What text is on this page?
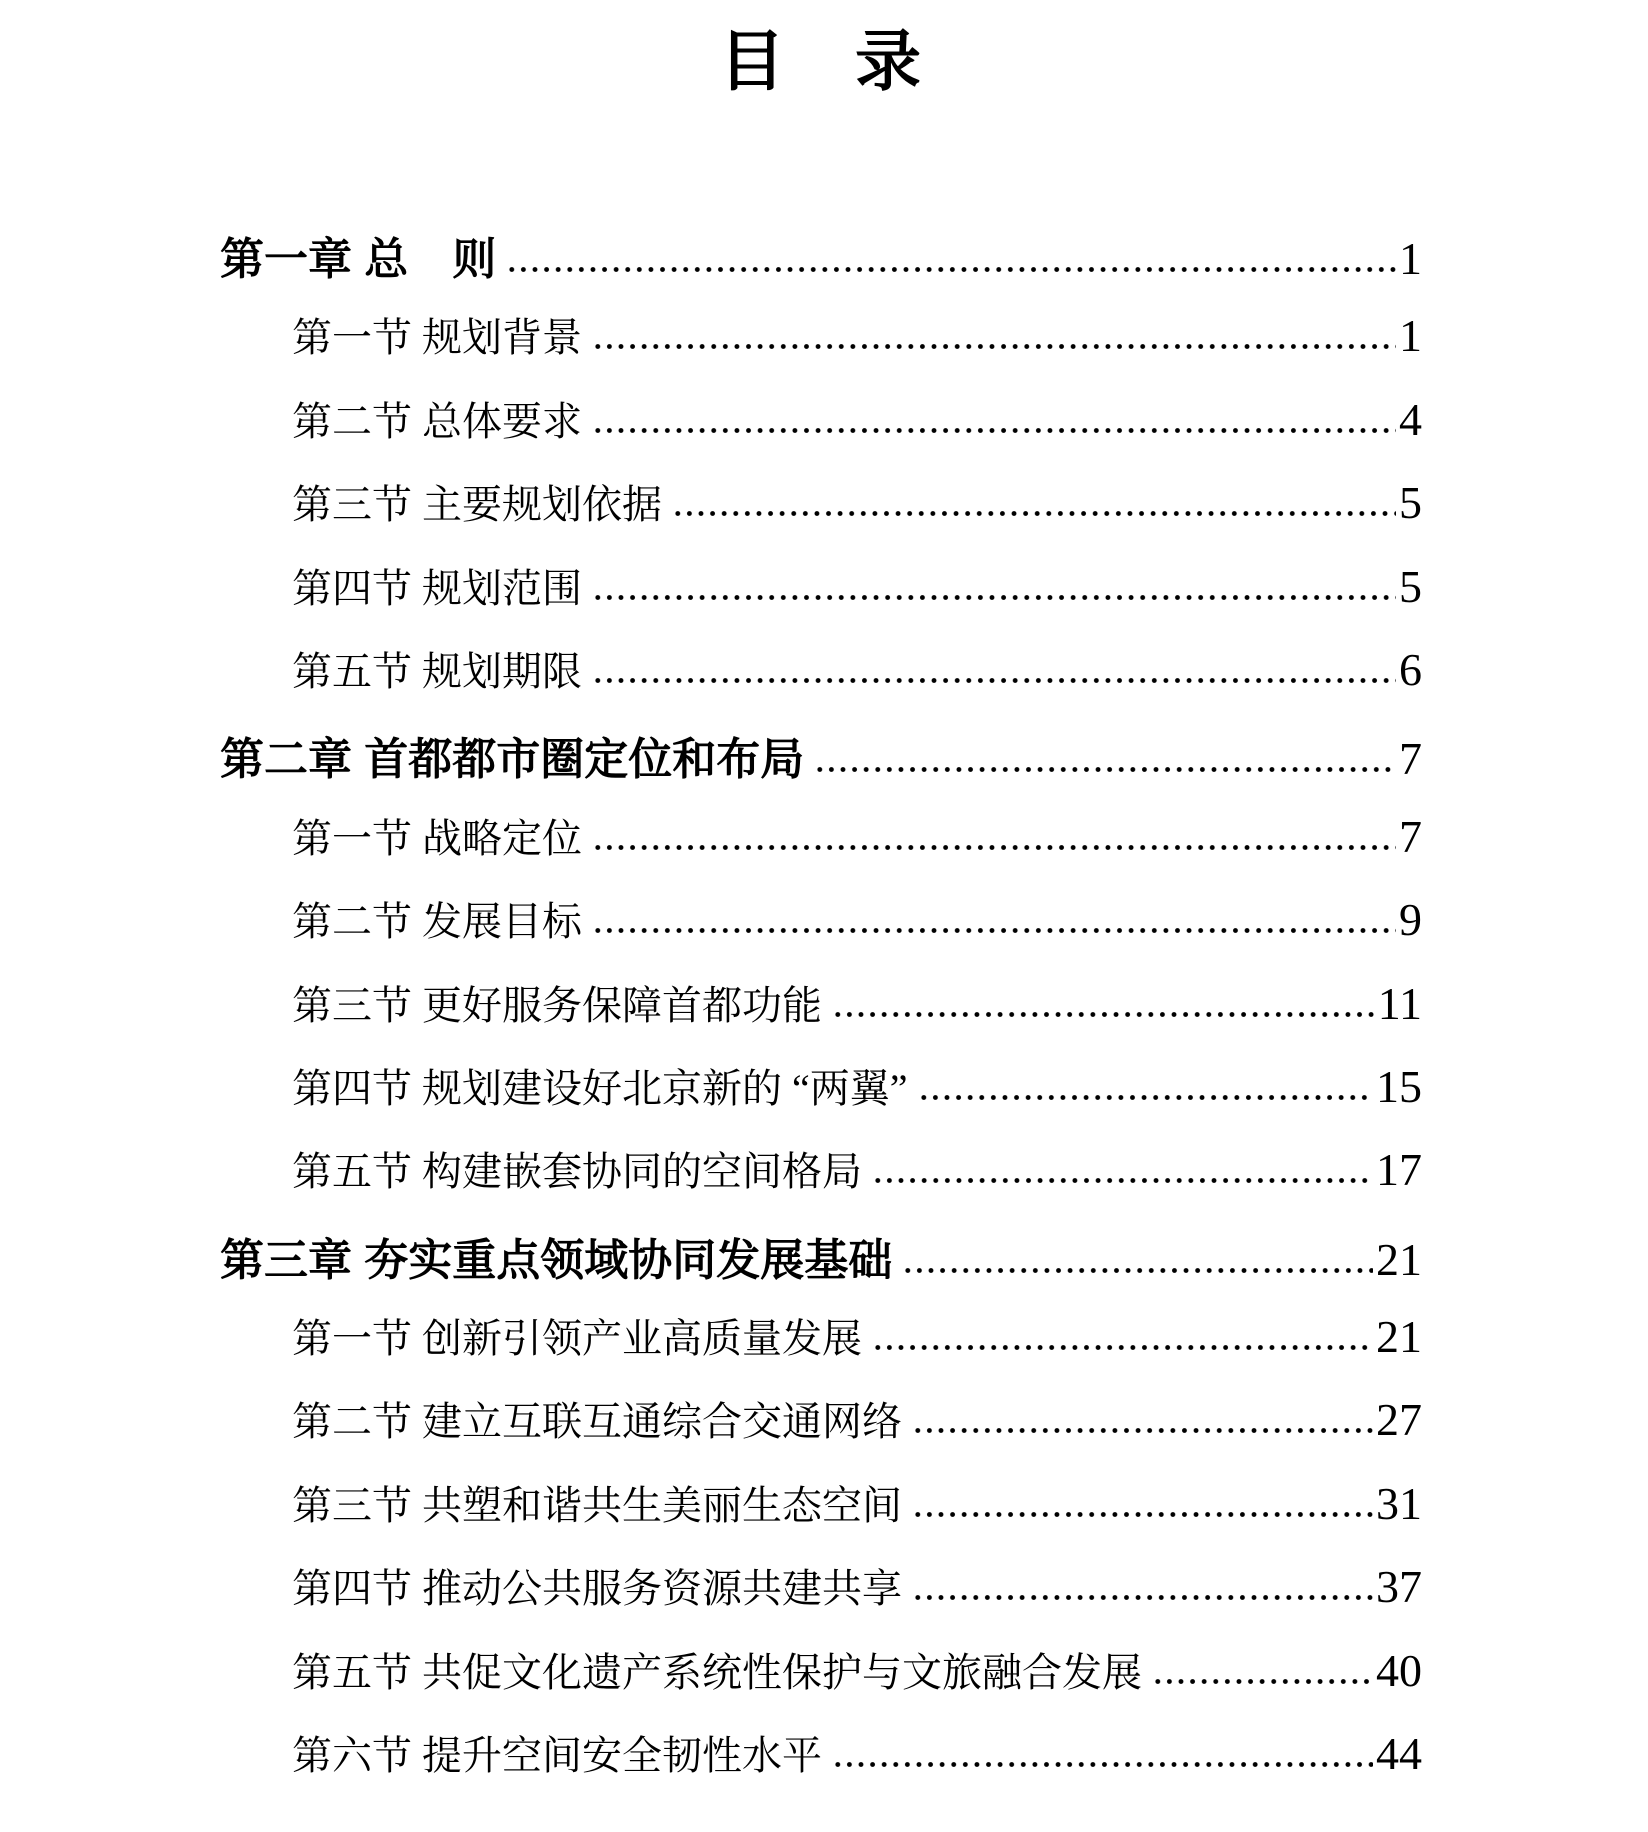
目　录
第一章 总　则	1
第一节 规划背景	1
第二节 总体要求	4
第三节 主要规划依据	5
第四节 规划范围	5
第五节 规划期限	6
第二章 首都都市圈定位和布局	7
第一节 战略定位	7
第二节 发展目标	9
第三节 更好服务保障首都功能	11
第四节 规划建设好北京新的 “两翼”	15
第五节 构建嵌套协同的空间格局	17
第三章 夯实重点领域协同发展基础	21
第一节 创新引领产业高质量发展	21
第二节 建立互联互通综合交通网络	27
第三节 共塑和谐共生美丽生态空间	31
第四节 推动公共服务资源共建共享	37
第五节 共促文化遗产系统性保护与文旅融合发展	40
第六节 提升空间安全韧性水平	44
